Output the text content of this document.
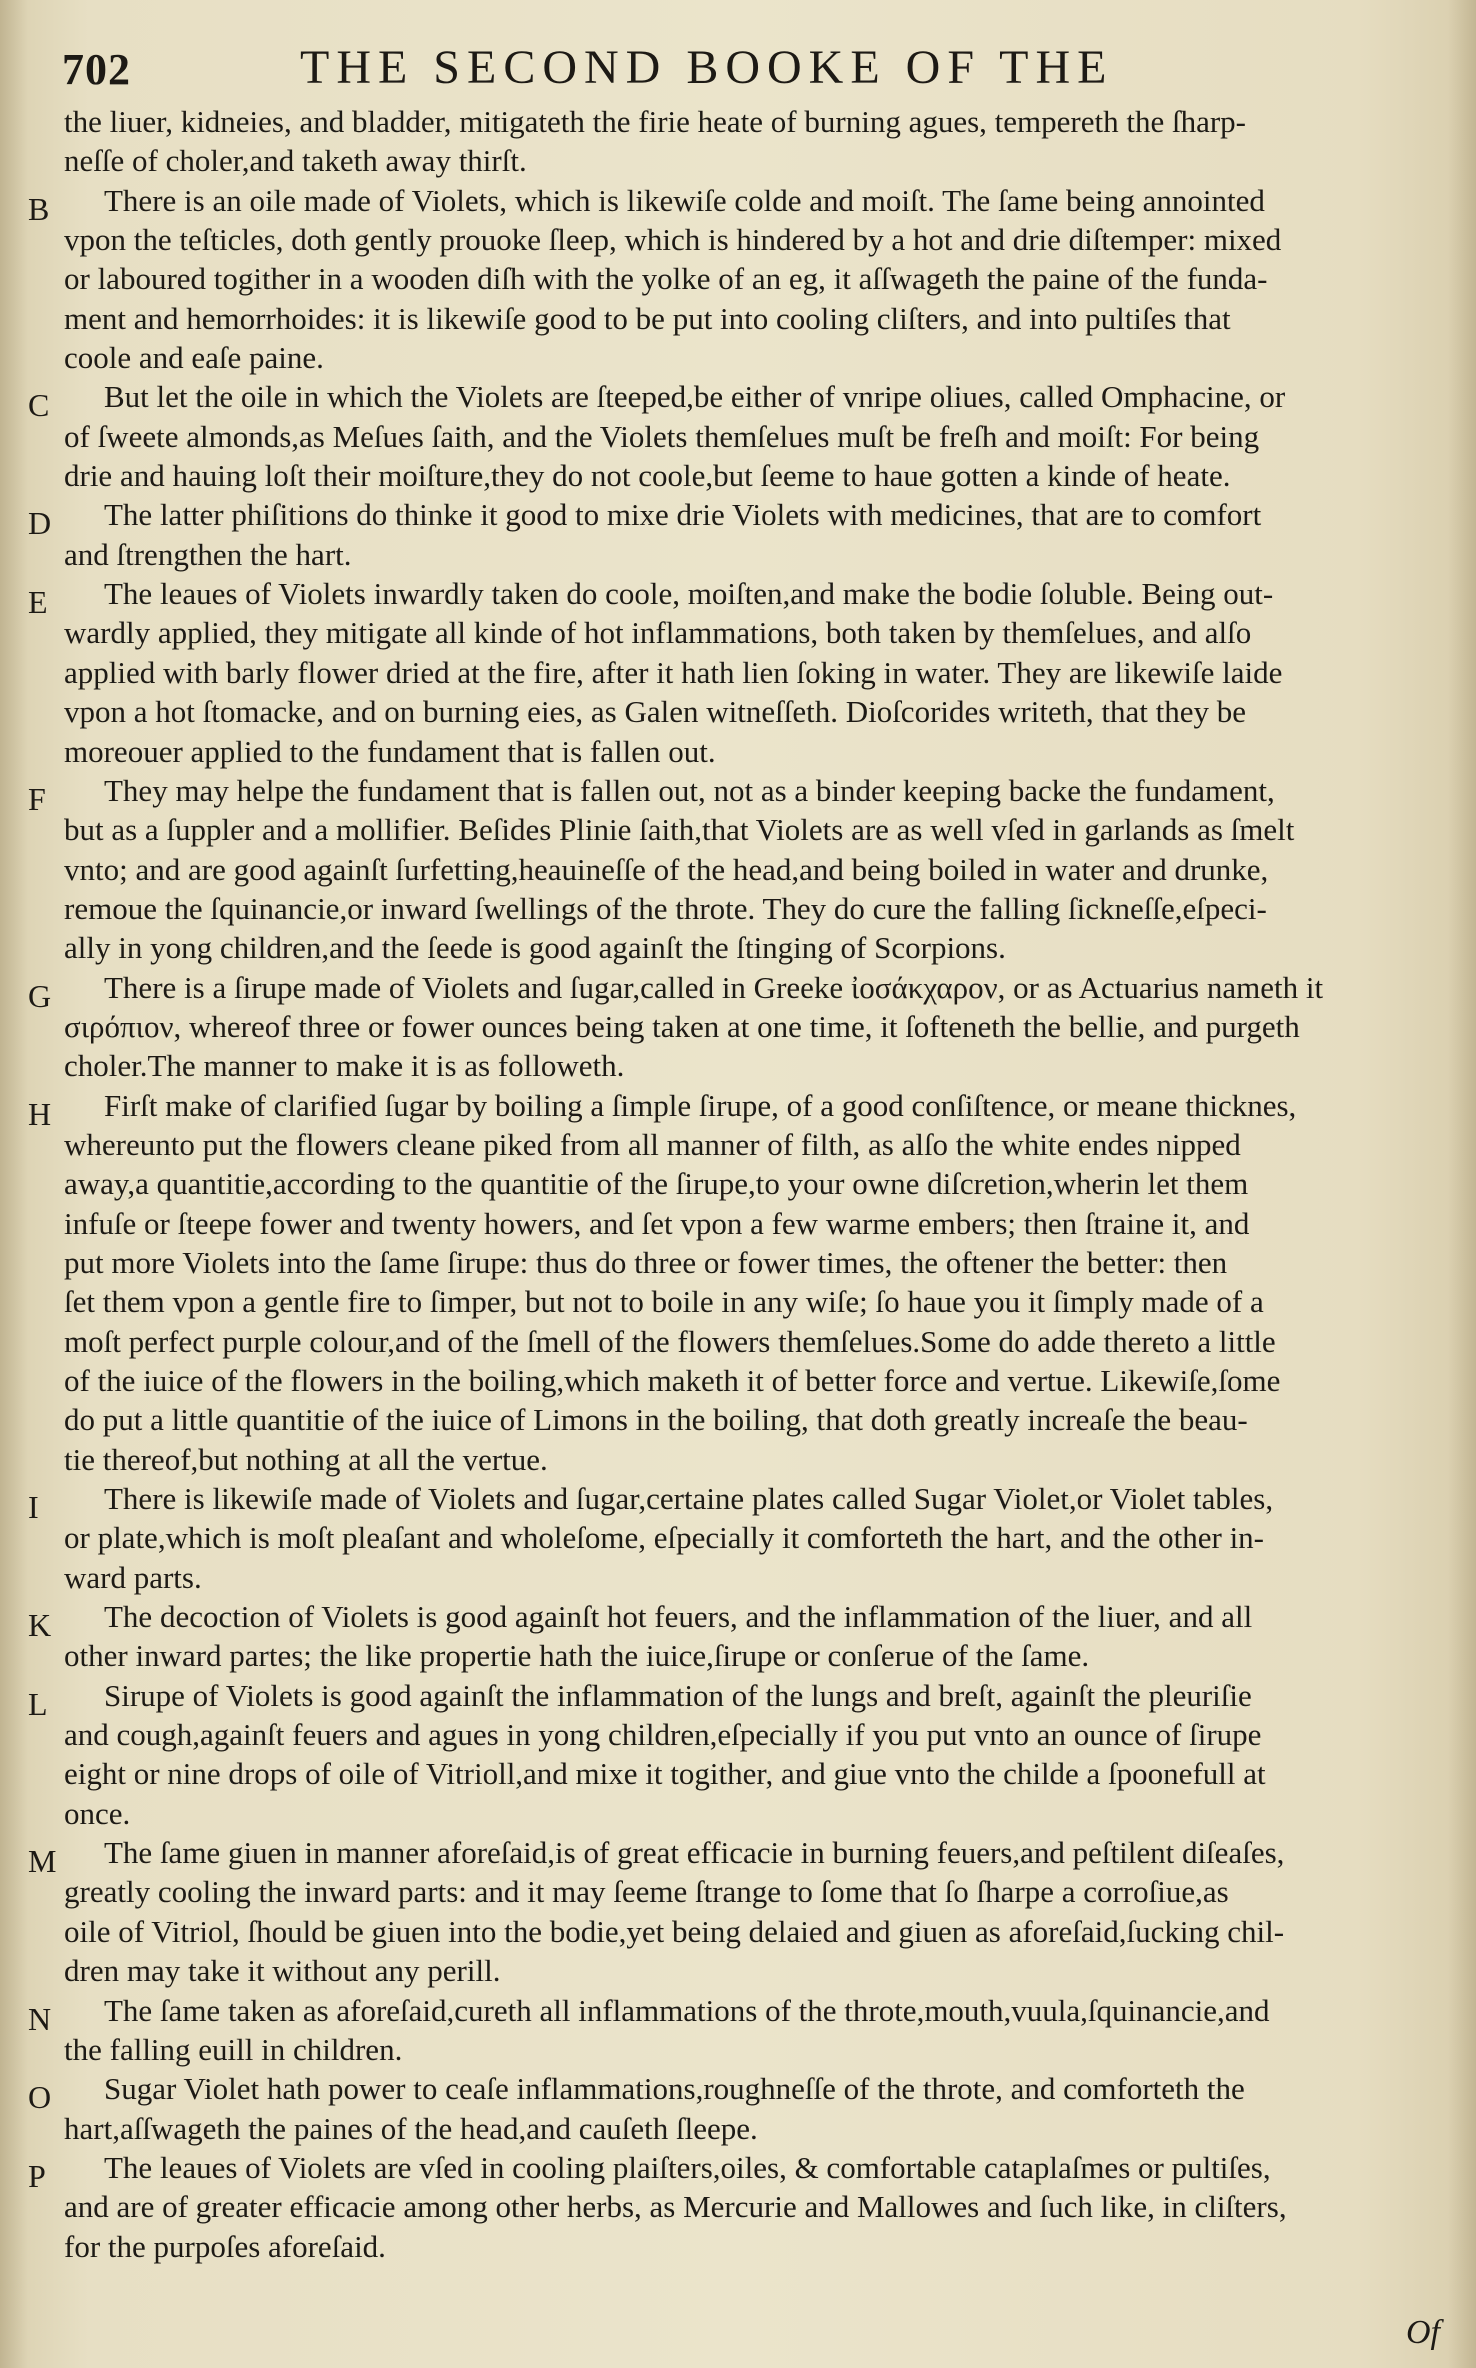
702	THE SECOND BOOKE OF THE
the liuer, kidneies, and bladder, mitigateth the firie heate of burning agues, tempereth the ſharp-
neſſe of choler,and taketh away thirſt.
B	There is an oile made of Violets, which is likewiſe colde and moiſt. The ſame being annointed
vpon the teſticles, doth gently prouoke ſleep, which is hindered by a hot and drie diſtemper: mixed
or laboured togither in a wooden diſh with the yolke of an eg, it aſſwageth the paine of the funda-
ment and hemorrhoides: it is likewiſe good to be put into cooling cliſters, and into pultiſes that
coole and eaſe paine.
C	But let the oile in which the Violets are ſteeped,be either of vnripe oliues, called Omphacine, or
of ſweete almonds,as Meſues ſaith, and the Violets themſelues muſt be freſh and moiſt: For being
drie and hauing loſt their moiſture,they do not coole,but ſeeme to haue gotten a kinde of heate.
D	The latter phiſitions do thinke it good to mixe drie Violets with medicines, that are to comfort
and ſtrengthen the hart.
E	The leaues of Violets inwardly taken do coole, moiſten,and make the bodie ſoluble. Being out-
wardly applied, they mitigate all kinde of hot inflammations, both taken by themſelues, and alſo
applied with barly flower dried at the fire, after it hath lien ſoking in water. They are likewiſe laide
vpon a hot ſtomacke, and on burning eies, as Galen witneſſeth. Dioſcorides writeth, that they be
moreouer applied to the fundament that is fallen out.
F	They may helpe the fundament that is fallen out, not as a binder keeping backe the fundament,
but as a ſuppler and a mollifier. Beſides Plinie ſaith,that Violets are as well vſed in garlands as ſmelt
vnto; and are good againſt ſurfetting,heauineſſe of the head,and being boiled in water and drunke,
remoue the ſquinancie,or inward ſwellings of the throte. They do cure the falling ſickneſſe,eſpeci-
ally in yong children,and the ſeede is good againſt the ſtinging of Scorpions.
G	There is a ſirupe made of Violets and ſugar,called in Greeke ἰοσάκχαρον, or as Actuarius nameth it
σιρόπιον, whereof three or fower ounces being taken at one time, it ſofteneth the bellie, and purgeth
choler.The manner to make it is as followeth.
H	Firſt make of clarified ſugar by boiling a ſimple ſirupe, of a good conſiſtence, or meane thicknes,
whereunto put the flowers cleane piked from all manner of filth, as alſo the white endes nipped
away,a quantitie,according to the quantitie of the ſirupe,to your owne diſcretion,wherin let them
infuſe or ſteepe fower and twenty howers, and ſet vpon a few warme embers; then ſtraine it, and
put more Violets into the ſame ſirupe: thus do three or fower times, the oftener the better: then
ſet them vpon a gentle fire to ſimper, but not to boile in any wiſe; ſo haue you it ſimply made of a
moſt perfect purple colour,and of the ſmell of the flowers themſelues.Some do adde thereto a little
of the iuice of the flowers in the boiling,which maketh it of better force and vertue. Likewiſe,ſome
do put a little quantitie of the iuice of Limons in the boiling, that doth greatly increaſe the beau-
tie thereof,but nothing at all the vertue.
I	There is likewiſe made of Violets and ſugar,certaine plates called Sugar Violet,or Violet tables,
or plate,which is moſt pleaſant and wholeſome, eſpecially it comforteth the hart, and the other in-
ward parts.
K	The decoction of Violets is good againſt hot feuers, and the inflammation of the liuer, and all
other inward partes; the like propertie hath the iuice,ſirupe or conſerue of the ſame.
L	Sirupe of Violets is good againſt the inflammation of the lungs and breſt, againſt the pleuriſie
and cough,againſt feuers and agues in yong children,eſpecially if you put vnto an ounce of ſirupe
eight or nine drops of oile of Vitrioll,and mixe it togither, and giue vnto the childe a ſpoonefull at
once.
M	The ſame giuen in manner aforeſaid,is of great efficacie in burning feuers,and peſtilent diſeaſes,
greatly cooling the inward parts: and it may ſeeme ſtrange to ſome that ſo ſharpe a corroſiue,as
oile of Vitriol, ſhould be giuen into the bodie,yet being delaied and giuen as aforeſaid,ſucking chil-
dren may take it without any perill.
N	The ſame taken as aforeſaid,cureth all inflammations of the throte,mouth,vuula,ſquinancie,and
the falling euill in children.
O	Sugar Violet hath power to ceaſe inflammations,roughneſſe of the throte, and comforteth the
hart,aſſwageth the paines of the head,and cauſeth ſleepe.
P	The leaues of Violets are vſed in cooling plaiſters,oiles, & comfortable cataplaſmes or pultiſes,
and are of greater efficacie among other herbs, as Mercurie and Mallowes and ſuch like, in cliſters,
for the purpoſes aforeſaid.
Of
